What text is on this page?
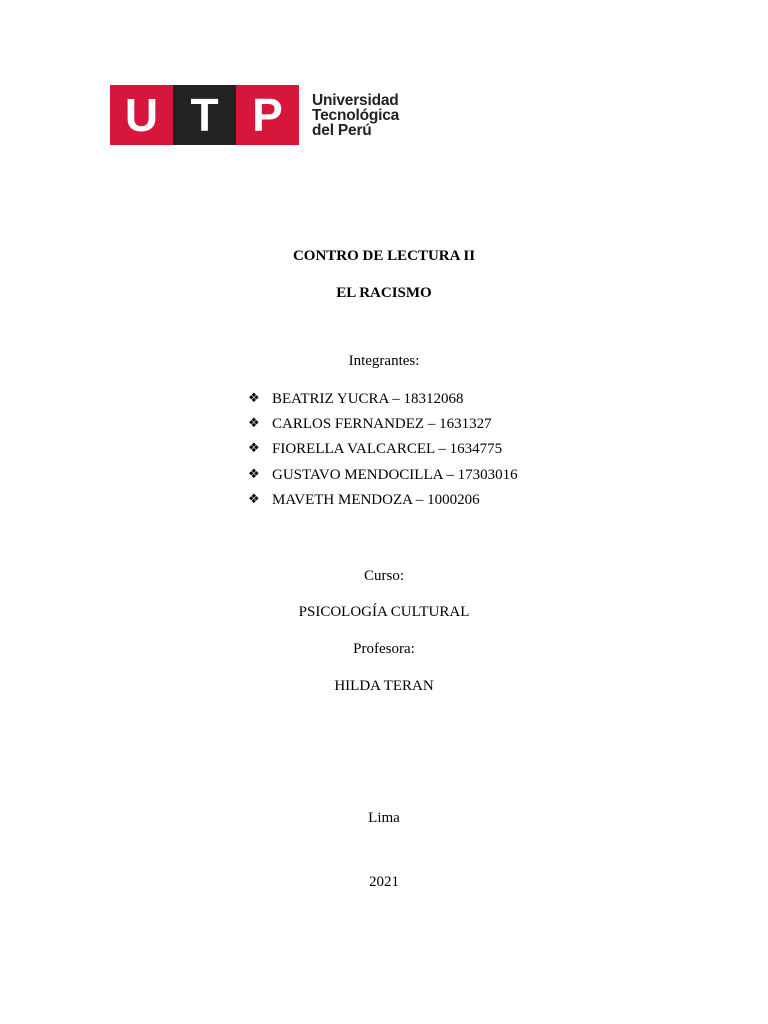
U T P	Universidad
Tecnológica
del Perú
CONTRO DE LECTURA II
EL RACISMO
Integrantes:
❖ BEATRIZ YUCRA – 18312068
❖ CARLOS FERNANDEZ – 1631327
❖ FIORELLA VALCARCEL – 1634775
❖ GUSTAVO MENDOCILLA – 17303016
❖ MAVETH MENDOZA – 1000206
Curso:
PSICOLOGÍA CULTURAL
Profesora:
HILDA TERAN
Lima
2021
